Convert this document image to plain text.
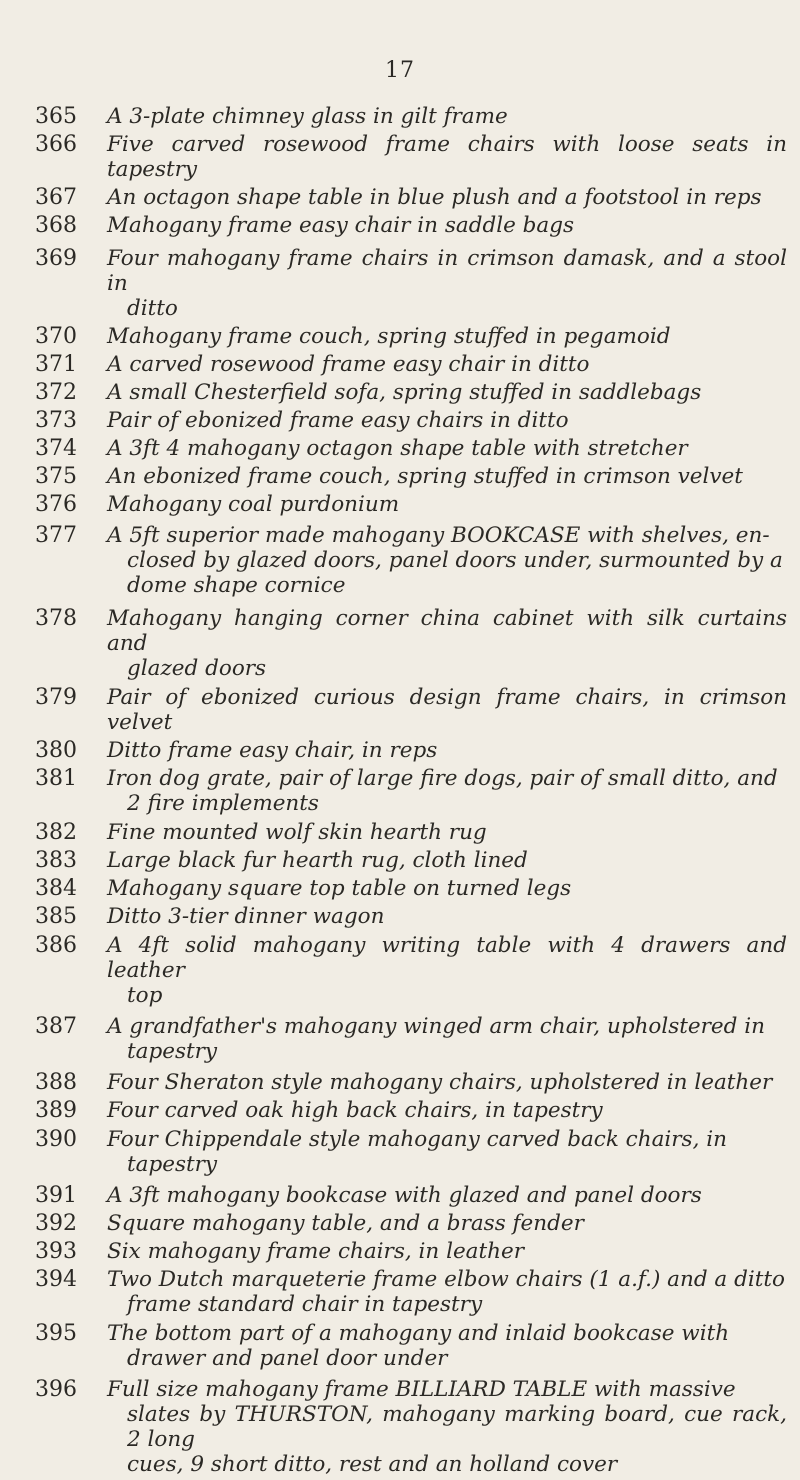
17
365	A 3-plate chimney glass in gilt frame
366	Five carved rosewood frame chairs with loose seats in tapestry
367	An octagon shape table in blue plush and a footstool in reps
368	Mahogany frame easy chair in saddle bags
369	Four mahogany frame chairs in crimson damask, and a stool in

ditto
370	Mahogany frame couch, spring stuffed in pegamoid
371	A carved rosewood frame easy chair in ditto
372	A small Chesterfield sofa, spring stuffed in saddlebags
373	Pair of ebonized frame easy chairs in ditto
374	A 3ft 4 mahogany octagon shape table with stretcher
375	An ebonized frame couch, spring stuffed in crimson velvet
376	Mahogany coal purdonium
377	A 5ft superior made mahogany BOOKCASE with shelves, en-

closed by glazed doors, panel doors under, surmounted by a
dome shape cornice
378	Mahogany hanging corner china cabinet with silk curtains and

glazed doors
379	Pair of ebonized curious design frame chairs, in crimson velvet
380	Ditto frame easy chair, in reps
381	Iron dog grate, pair of large fire dogs, pair of small ditto, and

2 fire implements
382	Fine mounted wolf skin hearth rug
383	Large black fur hearth rug, cloth lined
384	Mahogany square top table on turned legs
385	Ditto 3-tier dinner wagon
386	A 4ft solid mahogany writing table with 4 drawers and leather

top
387	A grandfather's mahogany winged arm chair, upholstered in

tapestry
388	Four Sheraton style mahogany chairs, upholstered in leather
389	Four carved oak high back chairs, in tapestry
390	Four Chippendale style mahogany carved back chairs, in

tapestry
391	A 3ft mahogany bookcase with glazed and panel doors
392	Square mahogany table, and a brass fender
393	Six mahogany frame chairs, in leather
394	Two Dutch marqueterie frame elbow chairs (1 a.f.) and a ditto

frame standard chair in tapestry
395	The bottom part of a mahogany and inlaid bookcase with

drawer and panel door under
396	Full size mahogany frame BILLIARD TABLE with massive

slates by THURSTON, mahogany marking board, cue rack, 2 long
cues, 9 short ditto, rest and an holland cover
